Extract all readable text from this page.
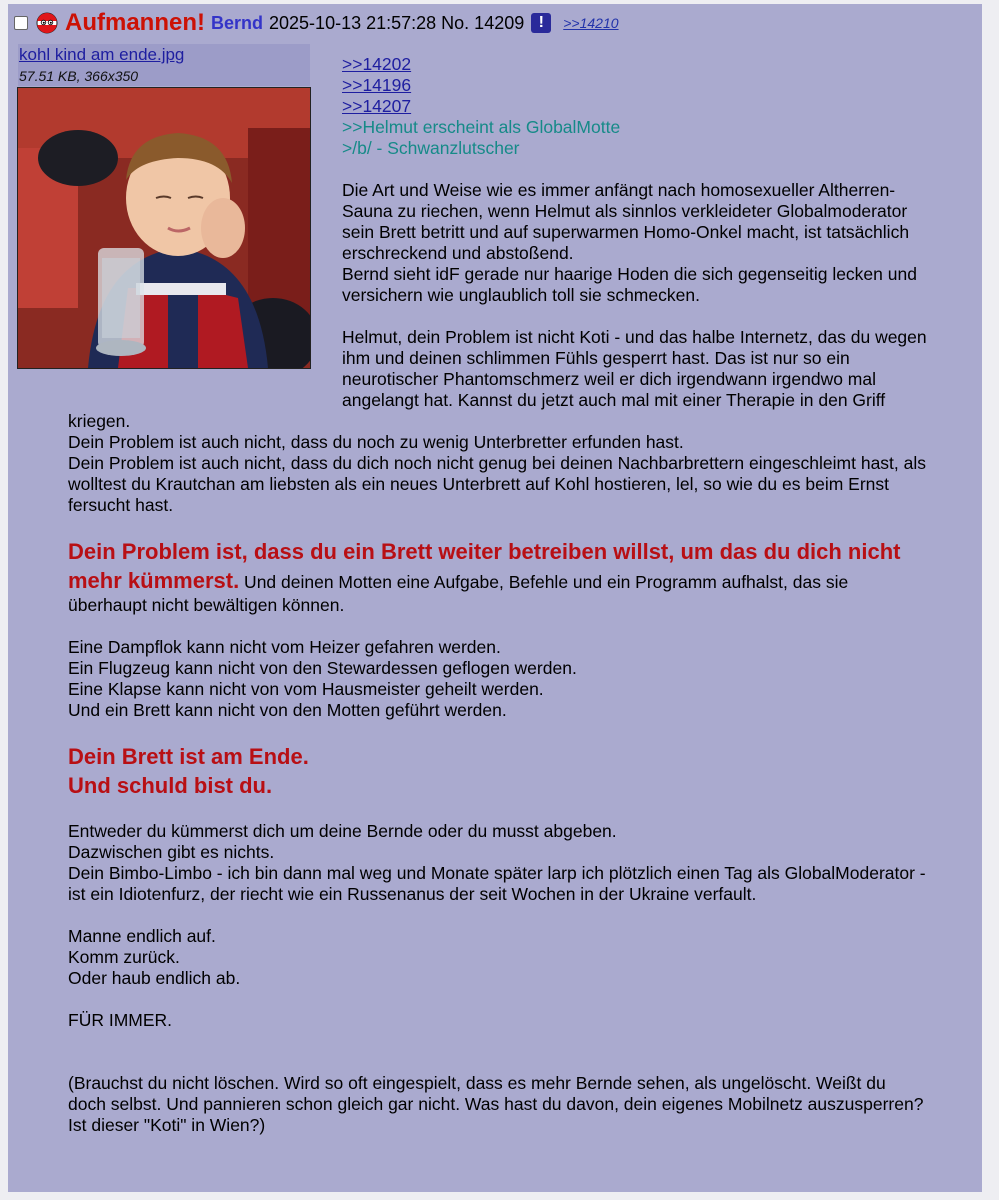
Aufmannen! Bernd 2025-10-13 21:57:28 No. 14209 !	>>14210
kohl kind am ende.jpg
57.51 KB, 366x350
>>14202
>>14196
>>14207
>>Helmut erscheint als GlobalMotte
>/b/ - Schwanzlutscher

Die Art und Weise wie es immer anfängt nach homosexueller Altherren-Sauna zu riechen, wenn Helmut als sinnlos verkleideter Globalmoderator sein Brett betritt und auf superwarmen Homo-Onkel macht, ist tatsächlich erschreckend und abstoßend.
Bernd sieht idF gerade nur haarige Hoden die sich gegenseitig lecken und versichern wie unglaublich toll sie schmecken.

Helmut, dein Problem ist nicht Koti - und das halbe Internetz, das du wegen ihm und deinen schlimmen Fühls gesperrt hast. Das ist nur so ein neurotischer Phantomschmerz weil er dich irgendwann irgendwo mal angelangt hat. Kannst du jetzt auch mal mit einer Therapie in den Griff kriegen.
Dein Problem ist auch nicht, dass du noch zu wenig Unterbretter erfunden hast.
Dein Problem ist auch nicht, dass du dich noch nicht genug bei deinen Nachbarbrettern eingeschleimt hast, als wolltest du Krautchan am liebsten als ein neues Unterbrett auf Kohl hostieren, lel, so wie du es beim Ernst fersucht hast.

Dein Problem ist, dass du ein Brett weiter betreiben willst, um das du dich nicht mehr kümmerst. Und deinen Motten eine Aufgabe, Befehle und ein Programm aufhalst, das sie überhaupt nicht bewältigen können.

Eine Dampflok kann nicht vom Heizer gefahren werden.
Ein Flugzeug kann nicht von den Stewardessen geflogen werden.
Eine Klapse kann nicht von vom Hausmeister geheilt werden.
Und ein Brett kann nicht von den Motten geführt werden.

Dein Brett ist am Ende.
Und schuld bist du.

Entweder du kümmerst dich um deine Bernde oder du musst abgeben.
Dazwischen gibt es nichts.
Dein Bimbo-Limbo - ich bin dann mal weg und Monate später larp ich plötzlich einen Tag als GlobalModerator - ist ein Idiotenfurz, der riecht wie ein Russenanus der seit Wochen in der Ukraine verfault.

Manne endlich auf.
Komm zurück.
Oder haub endlich ab.

FÜR IMMER.

(Brauchst du nicht löschen. Wird so oft eingespielt, dass es mehr Bernde sehen, als ungelöscht. Weißt du doch selbst. Und pannieren schon gleich gar nicht. Was hast du davon, dein eigenes Mobilnetz auszusperren? Ist dieser "Koti" in Wien?)
